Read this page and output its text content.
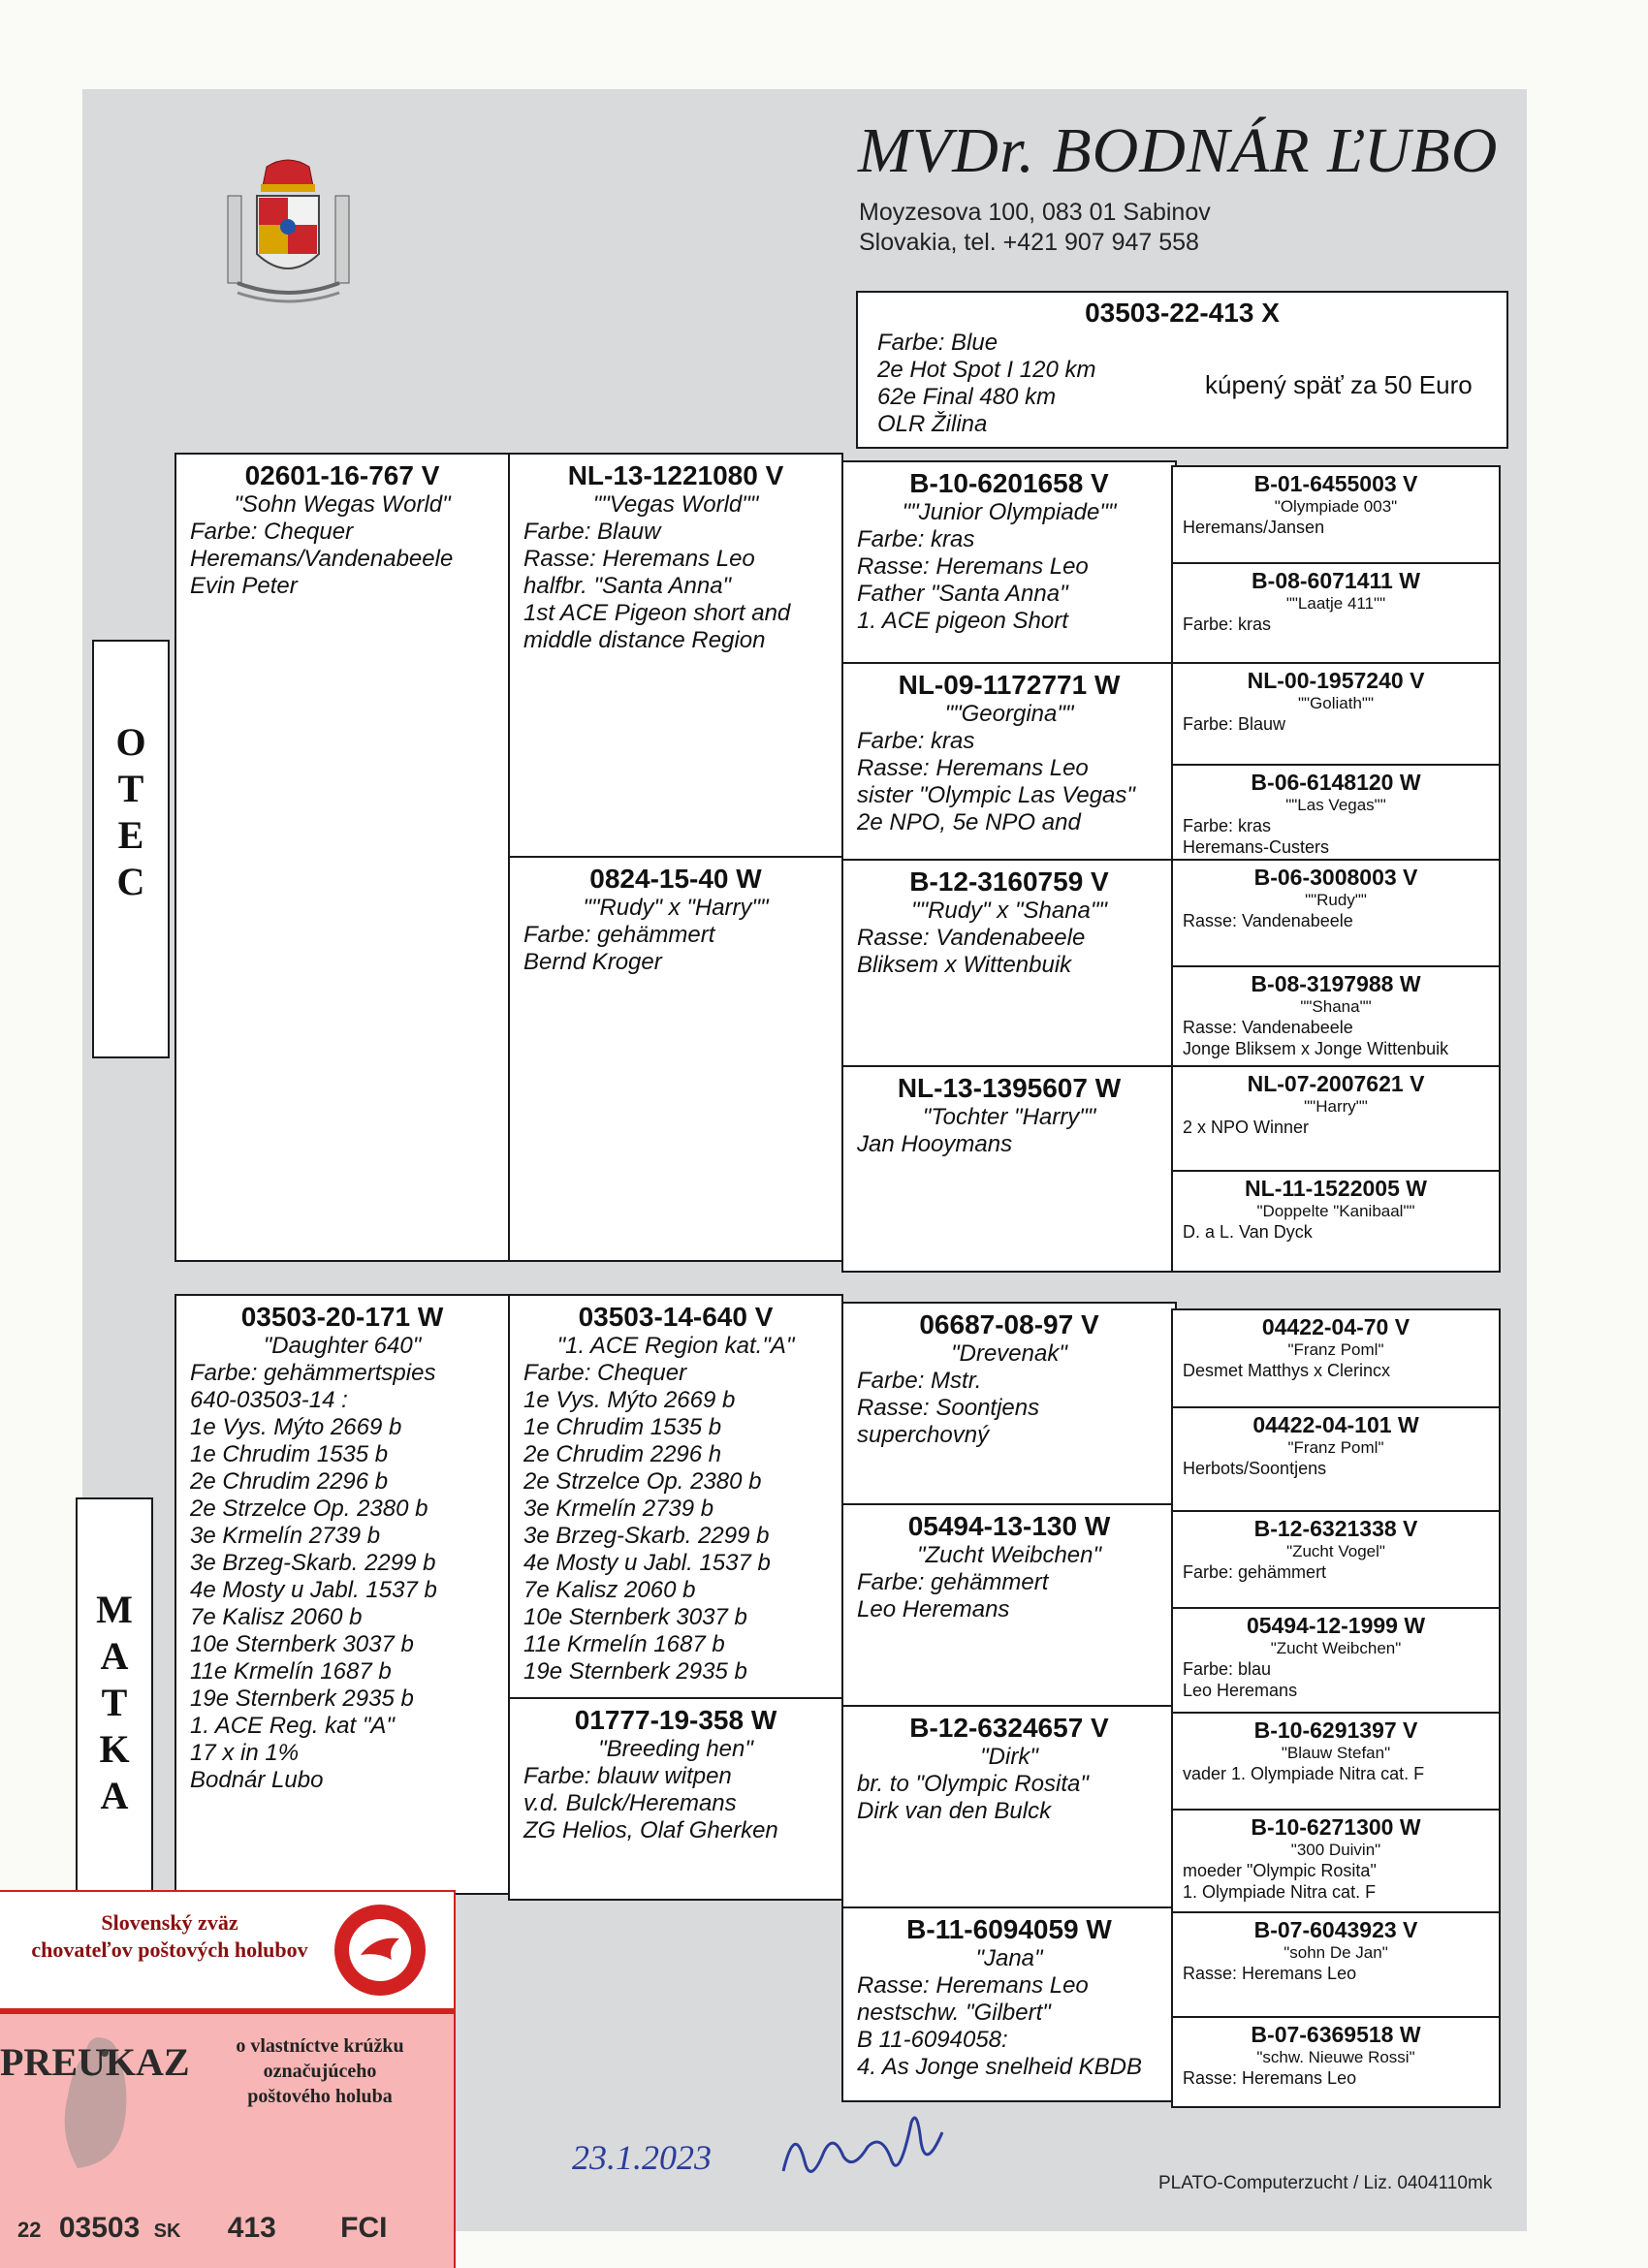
MVDr. BODNÁR ĽUBO
Moyzesova 100, 083 01 Sabinov
Slovakia, tel. +421 907 947 558
03503-22-413 X
Farbe: Blue
2e Hot Spot I 120 km
62e Final 480 km
OLR Žilina
kúpený späť za 50 Euro
O
T
E
C
02601-16-767 V
"Sohn Wegas World"
Farbe: Chequer
Heremans/Vandenabeele
Evin Peter
NL-13-1221080 V
""Vegas World""
Farbe: Blauw
Rasse: Heremans Leo
halfbr. "Santa Anna"
1st ACE Pigeon short and
middle distance Region
0824-15-40 W
""Rudy" x "Harry""
Farbe: gehämmert
Bernd Kroger
B-10-6201658 V
""Junior Olympiade""
Farbe: kras
Rasse: Heremans Leo
Father "Santa Anna"
1. ACE pigeon Short
NL-09-1172771 W
""Georgina""
Farbe: kras
Rasse: Heremans Leo
sister "Olympic Las Vegas"
2e NPO, 5e NPO and
B-12-3160759 V
""Rudy" x "Shana""
Rasse: Vandenabeele
Bliksem x Wittenbuik
NL-13-1395607 W
"Tochter "Harry""
Jan Hooymans
B-01-6455003 V
"Olympiade 003"
Heremans/Jansen
B-08-6071411 W
""Laatje 411""
Farbe: kras
NL-00-1957240 V
""Goliath""
Farbe: Blauw
B-06-6148120 W
""Las Vegas""
Farbe: kras
Heremans-Custers
B-06-3008003 V
""Rudy""
Rasse: Vandenabeele
B-08-3197988 W
""Shana""
Rasse: Vandenabeele
Jonge Bliksem x Jonge Wittenbuik
NL-07-2007621 V
""Harry""
2 x NPO Winner
NL-11-1522005 W
"Doppelte "Kanibaal""
D. a L. Van Dyck
M
A
T
K
A
03503-20-171 W
"Daughter 640"
Farbe: gehämmertspies
640-03503-14 :
1e Vys. Mýto 2669 b
1e Chrudim 1535 b
2e Chrudim 2296 b
2e Strzelce Op. 2380 b
3e Krmelín 2739 b
3e Brzeg-Skarb. 2299 b
4e Mosty u Jabl. 1537 b
7e Kalisz 2060 b
10e Sternberk 3037 b
11e Krmelín 1687 b
19e Sternberk 2935 b
1. ACE Reg. kat "A"
17 x in 1%
Bodnár Lubo
03503-14-640 V
"1. ACE Region kat."A"
Farbe: Chequer
1e Vys. Mýto 2669 b
1e Chrudim 1535 b
2e Chrudim 2296 h
2e Strzelce Op. 2380 b
3e Krmelín 2739 b
3e Brzeg-Skarb. 2299 b
4e Mosty u Jabl. 1537 b
7e Kalisz 2060 b
10e Sternberk 3037 b
11e Krmelín 1687 b
19e Sternberk 2935 b
01777-19-358 W
"Breeding hen"
Farbe: blauw witpen
v.d. Bulck/Heremans
ZG Helios, Olaf Gherken
06687-08-97 V
"Drevenak"
Farbe: Mstr.
Rasse: Soontjens
superchovný
05494-13-130 W
"Zucht Weibchen"
Farbe: gehämmert
Leo Heremans
B-12-6324657 V
"Dirk"
br. to "Olympic Rosita"
Dirk van den Bulck
B-11-6094059 W
"Jana"
Rasse: Heremans Leo
nestschw. "Gilbert"
B 11-6094058:
4. As Jonge snelheid KBDB
04422-04-70 V
"Franz Poml"
Desmet Matthys x Clerincx
04422-04-101 W
"Franz Poml"
Herbots/Soontjens
B-12-6321338 V
"Zucht Vogel"
Farbe: gehämmert
05494-12-1999 W
"Zucht Weibchen"
Farbe: blau
Leo Heremans
B-10-6291397 V
"Blauw Stefan"
vader 1. Olympiade Nitra cat. F
B-10-6271300 W
"300 Duivin"
moeder "Olympic Rosita"
1. Olympiade Nitra cat. F
B-07-6043923 V
"sohn De Jan"
Rasse: Heremans Leo
B-07-6369518 W
"schw. Nieuwe Rossi"
Rasse: Heremans Leo
Slovenský zväz
chovateľov poštových holubov
PREUKAZ	o vlastníctve krúžku
označujúceho
poštového holuba
22 03503 SK 413 FCI
23.1.2023
PLATO-Computerzucht / Liz. 0404110mk
